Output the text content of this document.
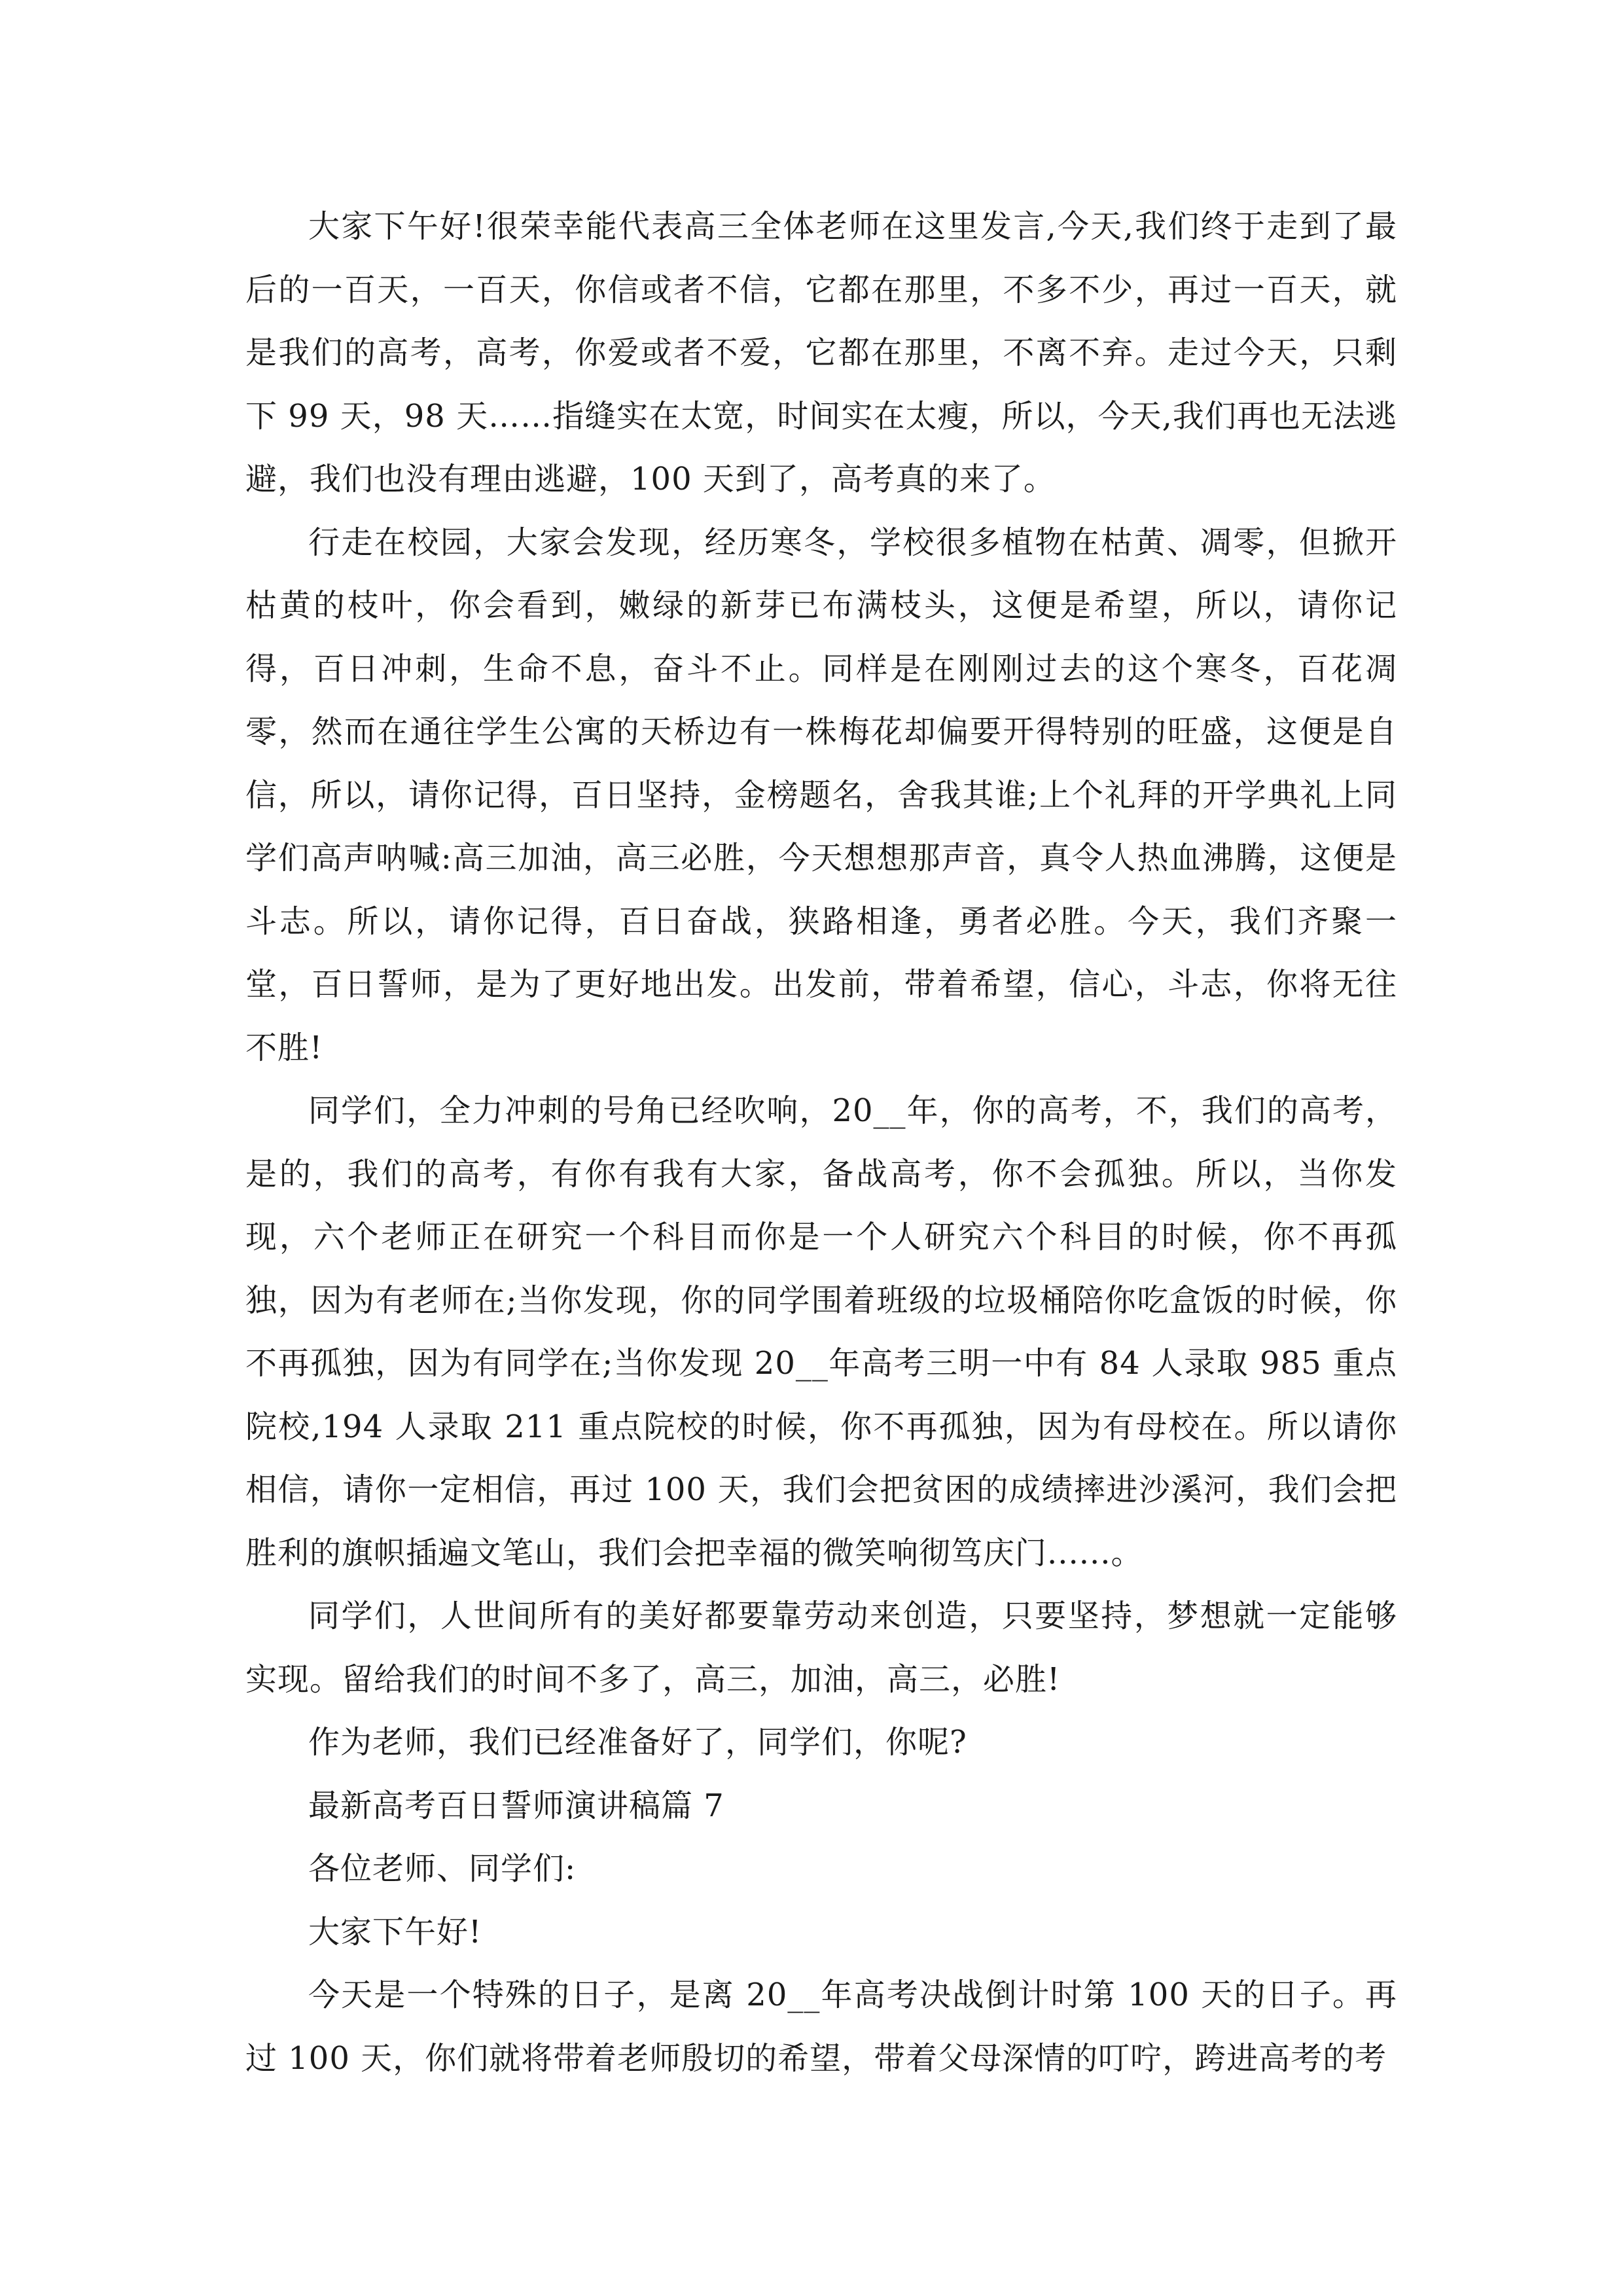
大家下午好!很荣幸能代表高三全体老师在这里发言,今天,我们终于走到了最后的一百天，一百天，你信或者不信，它都在那里，不多不少，再过一百天，就是我们的高考，高考，你爱或者不爱，它都在那里，不离不弃。走过今天，只剩下 99 天，98 天……指缝实在太宽，时间实在太瘦，所以，今天,我们再也无法逃避，我们也没有理由逃避，100 天到了，高考真的来了。

行走在校园，大家会发现，经历寒冬，学校很多植物在枯黄、凋零，但掀开枯黄的枝叶，你会看到，嫩绿的新芽已布满枝头，这便是希望，所以，请你记得，百日冲刺，生命不息，奋斗不止。同样是在刚刚过去的这个寒冬，百花凋零，然而在通往学生公寓的天桥边有一株梅花却偏要开得特别的旺盛，这便是自信，所以，请你记得，百日坚持，金榜题名，舍我其谁;上个礼拜的开学典礼上同学们高声呐喊:高三加油，高三必胜，今天想想那声音，真令人热血沸腾，这便是斗志。所以，请你记得，百日奋战，狭路相逢，勇者必胜。今天，我们齐聚一堂，百日誓师，是为了更好地出发。出发前，带着希望，信心，斗志，你将无往不胜!

同学们，全力冲刺的号角已经吹响，20__年，你的高考，不，我们的高考，是的，我们的高考，有你有我有大家，备战高考，你不会孤独。所以，当你发现，六个老师正在研究一个科目而你是一个人研究六个科目的时候，你不再孤独，因为有老师在;当你发现，你的同学围着班级的垃圾桶陪你吃盒饭的时候，你不再孤独，因为有同学在;当你发现 20__年高考三明一中有 84 人录取 985 重点院校,194 人录取 211 重点院校的时候，你不再孤独，因为有母校在。所以请你相信，请你一定相信，再过 100 天，我们会把贫困的成绩摔进沙溪河，我们会把胜利的旗帜插遍文笔山，我们会把幸福的微笑响彻笃庆门......。

同学们，人世间所有的美好都要靠劳动来创造，只要坚持，梦想就一定能够实现。留给我们的时间不多了，高三，加油，高三，必胜!

作为老师，我们已经准备好了，同学们，你呢?

最新高考百日誓师演讲稿篇 7

各位老师、同学们:

大家下午好!

今天是一个特殊的日子，是离 20__年高考决战倒计时第 100 天的日子。再过 100 天，你们就将带着老师殷切的希望，带着父母深情的叮咛，跨进高考的考
